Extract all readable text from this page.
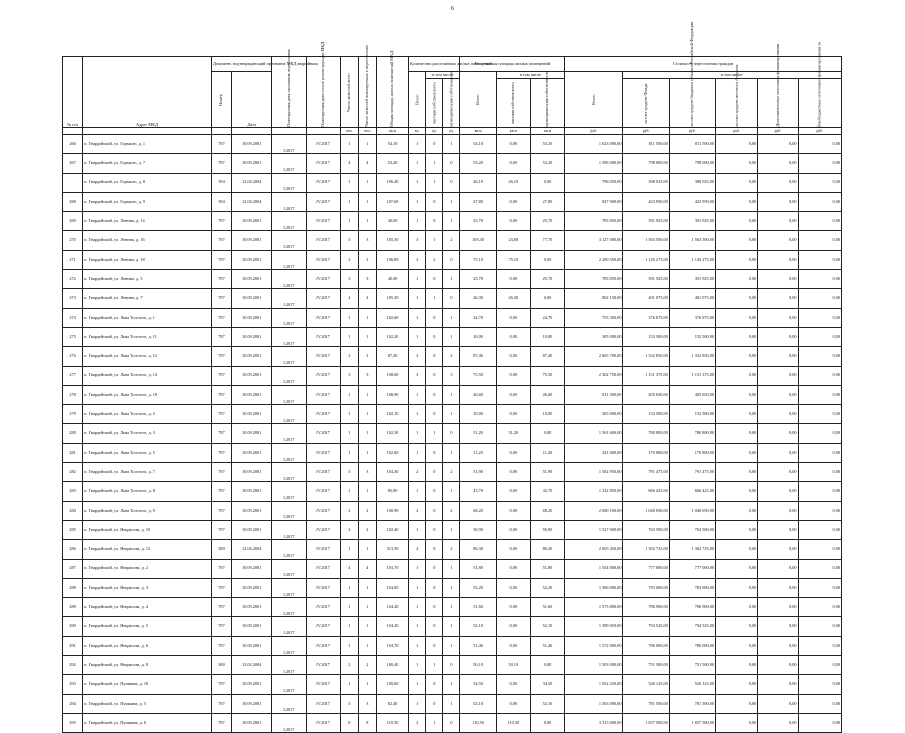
6
№ п/п	Адрес МКД	Документ, подтверждающий признание МКД аварийным		Планируемая дата окончания переселения	Планируемая дата сноса/ реконструкции МКД	Число жителей всего	Число жителей планируемых к переселению	Общая площадь жилых помещений МКД	Количество расселяемых жилых помещений			Расселяемая площадь жилых помещений			Стоимость переселения граждан					
		Номер	Дата						Всего	в том числе		Всего	в том числе		Всего	в том числе:				
										частная собственность	муниципальная собственность		частная собственность	муниципальная собственность		за счет средств Фонда	за счет средств бюджета субъекта Российской Федерации	за счет средств местного бюджета	Дополнительные источники финансирования	Внебюджетные источники финансирования за
						чел.	чел.	кв.м	ед.	ед.	ед.	кв.м	кв.м	кв.м	руб.	руб.	руб.	руб.	руб.	руб.
266	п. Гвардейский, ул. Горького, д. 1	787	10.09.2001	I.2017	IV.2017	1	1	54,10	1	0	1	54,10	0,00	54,10	1 623 000,00	811 500,00	811 500,00	0,00	0,00	0,00
267	п. Гвардейский, ул. Горького, д. 7	787	10.09.2001	I.2017	IV.2017	4	4	53,20	1	1	0	53,20	0,00	53,20	1 596 000,00	798 000,00	798 000,00	0,00	0,00	0,00
	п. Гвардейский, ул. Горького, д. 8	394	12.04.2004	I.2017	IV.2017	1	1	106,40	1	1	0	26,10	26,10	0,00	796 050,00	398 025,00	398 025,00	0,00	0,00	0,00
268	п. Гвардейский, ул. Горького, д. 9	394	12.04.2004	I.2017	IV.2017	1	1	107,60	1	0	1	27,80	0,00	27,80	847 900,00	423 950,00	423 950,00	0,00	0,00	0,00
269	п. Гвардейский, ул. Ленина, д. 14	787	10.09.2001	I.2017	IV.2017	1	1	40,00	1	0	1	25,70	0,00	25,70	783 850,00	391 925,00	391 925,00	0,00	0,00	0,00
270	п. Гвардейский, ул. Ленина, д. 16	787	10.09.2001	I.2017	IV.2017	3	3	105,30	3	1	2	105,30	23,80	77,70	3 127 000,00	1 563 500,00	1 563 500,00	0,00	0,00	0,00
271	п. Гвардейский, ул. Ленина, д. 18	787	10.09.2001	I.2017	IV.2017	2	2	106,89	2	2	0	75,10	75,10	0,00	2 290 550,00	1 145 275,00	1 145 275,00	0,00	0,00	0,00
272	п. Гвардейский, ул. Ленина, д. 5	787	10.09.2001	I.2017	IV.2017	3	3	40,00	1	0	1	25,70	0,00	25,70	783 850,00	391 925,00	391 925,00	0,00	0,00	0,00
273	п. Гвардейский, ул. Ленина, д. 7	787	10.09.2001	I.2017	IV.2017	4	4	105,30	1	1	0	26,30	26,30	0,00	802 150,00	401 075,00	401 075,00	0,00	0,00	0,00
274	п. Гвардейский, ул. Льва Толстого, д. 1	787	10.09.2001	I.2017	IV.2017	1	1	102,60	1	0	1	24,70	0,00	24,70	753 350,00	376 675,00	376 675,00	0,00	0,00	0,00
275	п. Гвардейский, ул. Льва Толстого, д. 11	787	10.09.2001	I.2017	IV.2017	1	1	102,20	1	0	1	10,00	0,00	10,00	305 000,00	152 500,00	152 500,00	0,00	0,00	0,00
276	п. Гвардейский, ул. Льва Толстого, д. 12	787	10.09.2001	I.2017	IV.2017	2	2	87,40	2	0	2	87,40	0,00	87,40	2 665 700,00	1 332 850,00	1 332 850,00	0,00	0,00	0,00
277	п. Гвардейский, ул. Льва Толстого, д. 14	787	10.09.2001	I.2017	IV.2017	3	3	108,00	3	0	3	75,50	0,00	75,50	2 302 750,00	1 151 375,00	1 151 375,00	0,00	0,00	0,00
278	п. Гвардейский, ул. Льва Толстого, д. 18	787	10.09.2001	I.2017	IV.2017	1	1	108,90	1	0	1	26,60	0,00	26,60	811 300,00	405 650,00	405 650,00	0,00	0,00	0,00
279	п. Гвардейский, ул. Льва Толстого, д. 2	787	10.09.2001	I.2017	IV.2017	1	1	102,10	1	0	1	10,00	0,00	10,00	305 000,00	152 500,00	152 500,00	0,00	0,00	0,00
280	п. Гвардейский, ул. Льва Толстого, д. 3	787	10.09.2001	I.2017	IV.2017	1	1	102,30	1	1	0	51,20	51,20	0,00	1 561 600,00	780 800,00	780 800,00	0,00	0,00	0,00
281	п. Гвардейский, ул. Льва Толстого, д. 5	787	10.09.2001	I.2017	IV.2017	1	1	102,60	1	0	1	11,20	0,00	11,20	341 600,00	170 800,00	170 800,00	0,00	0,00	0,00
282	п. Гвардейский, ул. Льва Толстого, д. 7	787	10.09.2001	I.2017	IV.2017	3	3	104,30	2	0	2	51,90	0,00	51,90	1 582 950,00	791 475,00	791 475,00	0,00	0,00	0,00
283	п. Гвардейский, ул. Льва Толстого, д. 8	787	10.09.2001	I.2017	IV.2017	1	1	85,80	1	0	1	43,70	0,00	43,70	1 332 850,00	666 425,00	666 425,00	0,00	0,00	0,00
284	п. Гвардейский, ул. Льва Толстого, д. 9	787	10.09.2001	I.2017	IV.2017	2	2	100,90	2	0	2	68,20	0,00	68,20	2 080 100,00	1 040 050,00	1 040 050,00	0,00	0,00	0,00
285	п. Гвардейский, ул. Некрасова, д. 10	787	10.09.2001	I.2017	IV.2017	2	2	102,40	1	0	1	50,90	0,00	50,90	1 527 000,00	763 500,00	763 500,00	0,00	0,00	0,00
286	п. Гвардейский, ул. Некрасова, д. 12	380	12.04.2004	I.2017	IV.2017	1	1	313,50	2	0	2	86,30	0,00	86,30	2 605 450,00	1 302 725,00	1 302 725,00	0,00	0,00	0,00
287	п. Гвардейский, ул. Некрасова, д. 2	787	10.09.2001	I.2017	IV.2017	4	4	103,70	1	0	1	51,80	0,00	51,80	1 554 000,00	777 000,00	777 000,00	0,00	0,00	0,00
288	п. Гвардейский, ул. Некрасова, д. 3	787	10.09.2001	I.2017	IV.2017	1	1	104,00	1	0	1	52,20	0,00	52,20	1 566 000,00	783 000,00	783 000,00	0,00	0,00	0,00
289	п. Гвардейский, ул. Некрасова, д. 4	787	10.09.2001	I.2017	IV.2017	1	1	104,20	1	0	1	51,60	0,00	51,60	1 573 800,00	786 900,00	786 900,00	0,00	0,00	0,00
290	п. Гвардейский, ул. Некрасова, д. 5	787	10.09.2001	I.2017	IV.2017	1	1	104,20	1	0	1	52,10	0,00	52,10	1 589 050,00	794 525,00	794 525,00	0,00	0,00	0,00
291	п. Гвардейский, ул. Некрасова, д. 6	787	10.09.2001	I.2017	IV.2017	1	1	104,70	1	0	1	51,40	0,00	51,40	1 572 000,00	786 000,00	786 000,00	0,00	0,00	0,00
292	п. Гвардейский, ул. Некрасова, д. 8	380	12.02.2004	I.2017	IV.2017	2	2	100,40	1	1	0	50,10	50,10	0,00	1 503 000,00	751 500,00	751 500,00	0,00	0,00	0,00
293	п. Гвардейский, ул. Пушкина, д. 10	787	10.09.2001	I.2017	IV.2017	1	1	100,60	1	0	1	34,50	0,00	34,50	1 052 250,00	526 125,00	526 125,00	0,00	0,00	0,00
294	п. Гвардейский, ул. Пушкина, д. 5	787	10.09.2001	I.2017	IV.2017	3	3	82,40	1	0	1	52,10	0,00	52,10	1 563 000,00	781 500,00	781 500,00	0,00	0,00	0,00
295	п. Гвардейский, ул. Пушкина, д. 6	787	10.09.2001	I.2017	IV.2017	8	8	110,50	2	1	0	110,50	110,50	0,00	3 315 000,00	1 657 500,00	1 657 500,00	0,00	0,00	0,00
